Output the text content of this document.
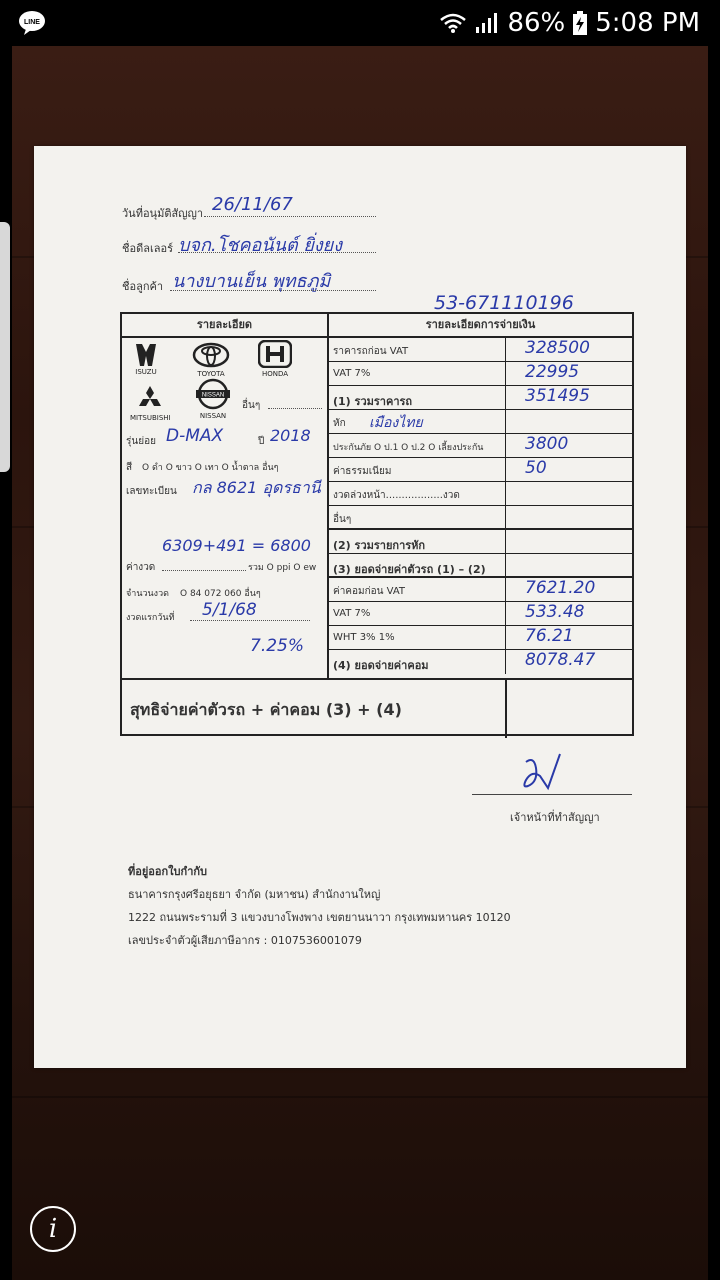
LINE	86% 5:08 PM
วันที่อนุมัติสัญญา 26/11/67
ชื่อดีลเลอร์ บจก.โชคอนันต์ ยิ่งยง
ชื่อลูกค้า นางบานเย็น พุทธภูมิ
53-671110196
รายละเอียด
ISUZU	TOYOTA	HONDA
MITSUBISHI
NISSAN
NISSAN
อื่นๆ
รุ่นย่อย D-MAX	ปี 2018
สี O ดำ O ขาว O เทา O น้ำตาล อื่นๆ
เลขทะเบียน กล 8621 อุดรธานี
6309+491 = 6800
ค่างวด	รวม O ppi O ew
จำนวนงวด O 84 072 060 อื่นๆ
งวดแรกวันที่ 5/1/68
7.25%
รายละเอียดการจ่ายเงิน
ราคารถก่อน VAT	328500
VAT 7%	22995
(1) รวมราคารถ	351495
หัก เมืองไทย
ประกันภัย O ป.1 O ป.2 O เลี้ยงประกัน 3800
ค่าธรรมเนียม	50
งวดล่วงหน้า..................งวด
อื่นๆ
(2) รวมรายการหัก
(3) ยอดจ่ายค่าตัวรถ (1) – (2)
ค่าคอมก่อน VAT	7621.20
VAT 7%	533.48
WHT 3% 1%	76.21
(4) ยอดจ่ายค่าคอม	8078.47
สุทธิจ่ายค่าตัวรถ + ค่าคอม (3) + (4)
เจ้าหน้าที่ทำสัญญา
ที่อยู่ออกใบกำกับ
ธนาคารกรุงศรีอยุธยา จำกัด (มหาชน) สำนักงานใหญ่
1222 ถนนพระรามที่ 3 แขวงบางโพงพาง เขตยานนาวา กรุงเทพมหานคร 10120
เลขประจำตัวผู้เสียภาษีอากร : 0107536001079
i
